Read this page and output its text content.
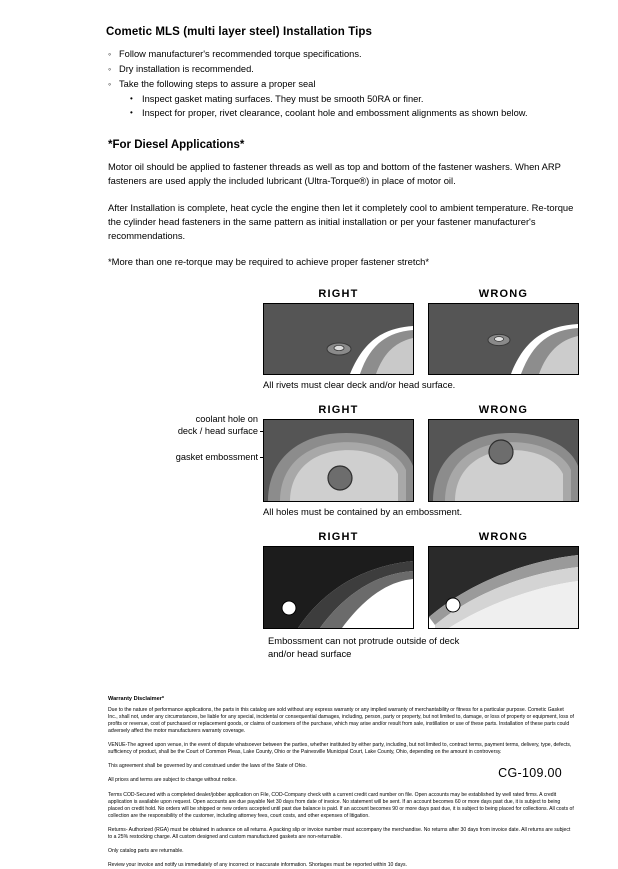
Cometic MLS (multi layer steel) Installation Tips
◦ Follow manufacturer's recommended torque specifications.
◦ Dry installation is recommended.
◦ Take the following steps to assure a proper seal
• Inspect gasket mating surfaces. They must be smooth 50RA or finer.
• Inspect for proper, rivet clearance, coolant hole and embossment alignments as shown below.
*For Diesel Applications*

Motor oil should be applied to fastener threads as well as top and bottom of the fastener washers. When ARP fasteners are used apply the included lubricant (Ultra-Torque®) in place of motor oil.

After Installation is complete, heat cycle the engine then let it completely cool to ambient temperature. Re-torque the cylinder head fasteners in the same pattern as initial installation or per your fastener manufacturer's recommendations.

*More than one re-torque may be required to achieve proper fastener stretch*

coolant hole on
deck / head surface
gasket embossment
RIGHT	WRONG
All rivets must clear deck and/or head surface.
RIGHT	WRONG
All holes must be contained by an embossment.
RIGHT	WRONG
Embossment can not protrude outside of deck
and/or head surface
Warranty Disclaimer*

Due to the nature of performance applications, the parts in this catalog are sold without any express warranty or any implied warranty of merchantability or fitness for a particular purpose. Cometic Gasket Inc., shall not, under any circumstances, be liable for any special, incidental or consequential damages, including, person, party or property, but not limited to, damage, or loss of property or equipment, loss of profits or revenue, cost of purchased or replacement goods, or claims of customers of the purchase, which may arise and/or result from sale, instillation or use of these parts. Installation of these parts could adversely affect the motor manufacturers warranty coverage.

VENUE-The agreed upon venue, in the event of dispute whatsoever between the parties, whether instituted by either party, including, but not limited to, contract terms, payment terms, delivery, type, defects, sufficiency of product, shall be the Court of Common Pleas, Lake County, Ohio or the Painesville Municipal Court, Lake County, Ohio, depending on the amount in controversy.

This agreement shall be governed by and construed under the laws of the State of Ohio.

All prices and terms are subject to change without notice.

Terms COD-Secured with a completed dealer/jobber application on File, COD-Company check with a current credit card number on file. Open accounts may be established by well rated firms. A credit application is available upon request. Open accounts are due payable Net 30 days from date of invoice. No statement will be sent. If an account becomes 60 or more days past due, it is subject to being placed on credit hold. No orders will be shipped or new orders accepted until past due balance is paid. If an account becomes 90 or more days past due, it is subject to being placed for collections. All costs of collection are the responsibility of the customer, including attorney fees, court costs, and other expenses of litigation.

Returns- Authorized (RGA) must be obtained in advance on all returns. A packing slip or invoice number must accompany the merchandise. No returns after 30 days from invoice date. All returns are subject to a 25% restocking charge. All custom designed and custom manufactured gaskets are non-returnable.

Only catalog parts are returnable.

Review your invoice and notify us immediately of any incorrect or inaccurate information. Shortages must be reported within 10 days.

CG-109.00
